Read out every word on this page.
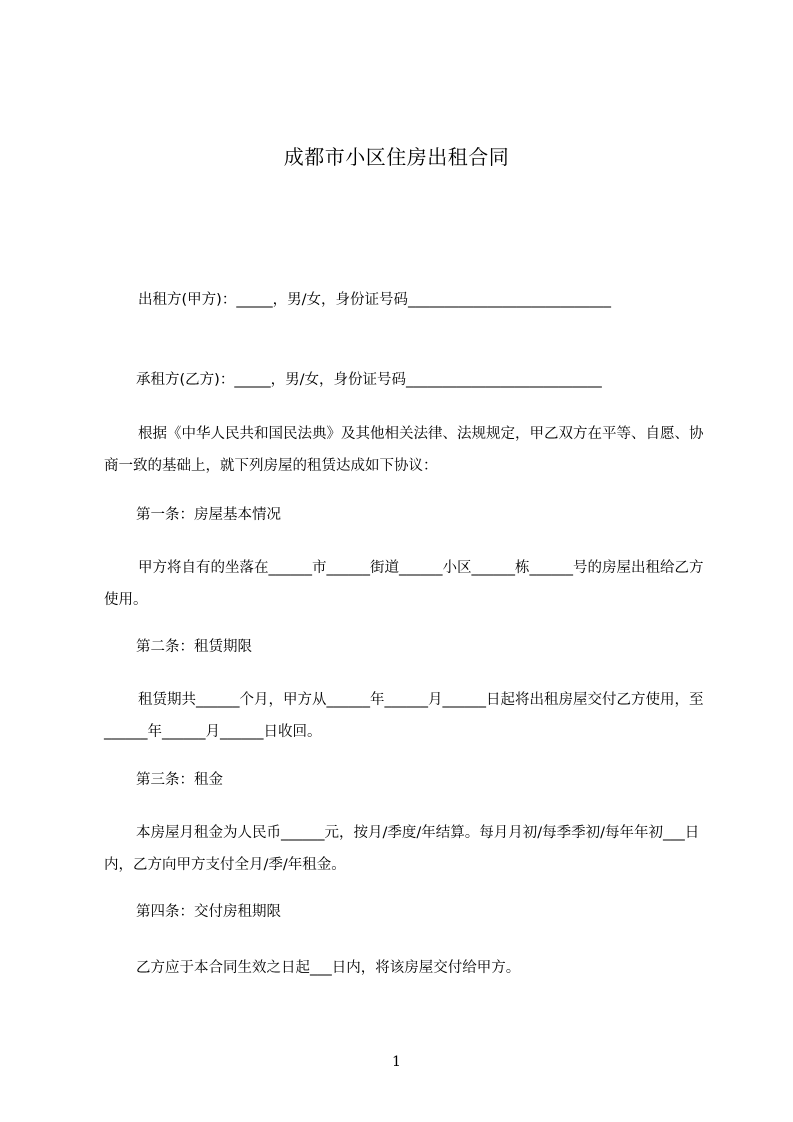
成都市小区住房出租合同
出租方(甲方)：_____，男/女，身份证号码____________________________
承租方(乙方)：_____，男/女，身份证号码___________________________
根据《中华人民共和国民法典》及其他相关法律、法规规定，甲乙双方在平等、自愿、协商一致的基础上，就下列房屋的租赁达成如下协议：
第一条：房屋基本情况
甲方将自有的坐落在______市______街道______小区______栋______号的房屋出租给乙方使用。
第二条：租赁期限
租赁期共______个月，甲方从______年______月______日起将出租房屋交付乙方使用，至______年______月______日收回。
第三条：租金
本房屋月租金为人民币______元，按月/季度/年结算。每月月初/每季季初/每年年初___日内，乙方向甲方支付全月/季/年租金。
第四条：交付房租期限
乙方应于本合同生效之日起___日内，将该房屋交付给甲方。
1
